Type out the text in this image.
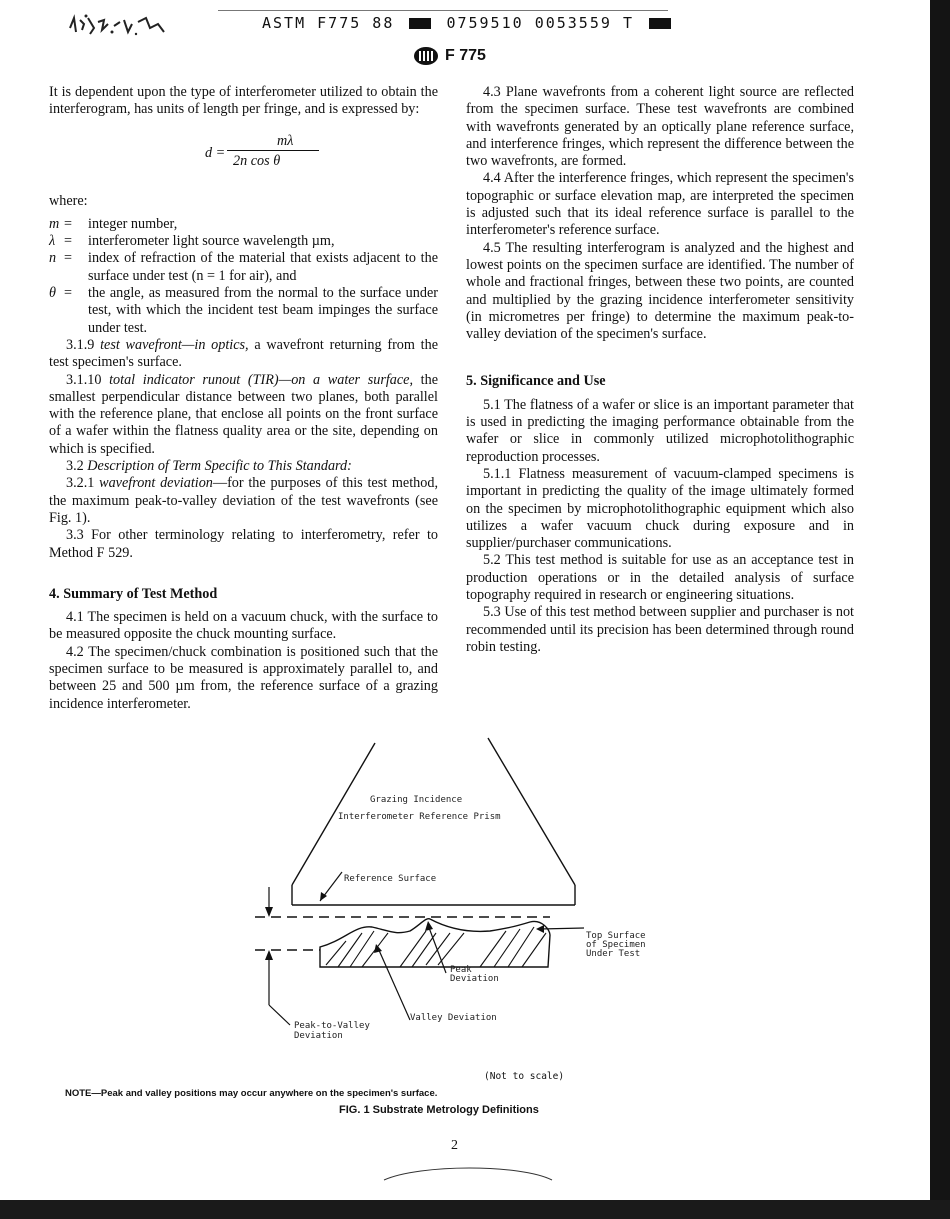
ASTM F775 88	0759510 0053559 T
F 775

It is dependent upon the type of interferometer utilized to obtain the interferogram, has units of length per fringe, and is expressed by:

d =
mλ
2n cos θ

where:

m =	integer number,
λ =	interferometer light source wavelength µm,
n =	index of refraction of the material that exists adjacent to the surface under test (n = 1 for air), and
θ =	the angle, as measured from the normal to the surface under test, with which the incident test beam impinges the surface under test.

3.1.9 test wavefront—in optics, a wavefront returning from the test specimen's surface.

3.1.10 total indicator runout (TIR)—on a water surface, the smallest perpendicular distance between two planes, both parallel with the reference plane, that enclose all points on the front surface of a wafer within the flatness quality area or the site, depending on which is specified.

3.2 Description of Term Specific to This Standard:

3.2.1 wavefront deviation—for the purposes of this test method, the maximum peak-to-valley deviation of the test wavefronts (see Fig. 1).

3.3 For other terminology relating to interferometry, refer to Method F 529.

4. Summary of Test Method

4.1 The specimen is held on a vacuum chuck, with the surface to be measured opposite the chuck mounting surface.

4.2 The specimen/chuck combination is positioned such that the specimen surface to be measured is approximately parallel to, and between 25 and 500 µm from, the reference surface of a grazing incidence interferometer.

4.3 Plane wavefronts from a coherent light source are reflected from the specimen surface. These test wavefronts are combined with wavefronts generated by an optically plane reference surface, and interference fringes, which represent the difference between the two wavefronts, are formed.

4.4 After the interference fringes, which represent the specimen's topographic or surface elevation map, are interpreted the specimen is adjusted such that its ideal reference surface is parallel to the interferometer's reference surface.

4.5 The resulting interferogram is analyzed and the highest and lowest points on the specimen surface are identified. The number of whole and fractional fringes, between these two points, are counted and multiplied by the grazing incidence interferometer sensitivity (in micrometres per fringe) to determine the maximum peak-to-valley deviation of the specimen's surface.

5. Significance and Use

5.1 The flatness of a wafer or slice is an important parameter that is used in predicting the imaging performance obtainable from the wafer or slice in commonly utilized microphotolithographic reproduction processes.

5.1.1 Flatness measurement of vacuum-clamped specimens is important in predicting the quality of the image ultimately formed on the specimen by microphotolithographic equipment which also utilizes a wafer vacuum chuck during exposure and in supplier/purchaser communications.

5.2 This test method is suitable for use as an acceptance test in production operations or in the detailed analysis of surface topography required in research or engineering situations.

5.3 Use of this test method between supplier and purchaser is not recommended until its precision has been determined through round robin testing.

Grazing Incidence
Interferometer Reference Prism
Reference Surface
Top Surface
of Specimen
Under Test
Peak
Deviation
Valley Deviation
Peak-to-Valley
Deviation
(Not to scale)
NOTE—Peak and valley positions may occur anywhere on the specimen's surface.
FIG. 1 Substrate Metrology Definitions
2
